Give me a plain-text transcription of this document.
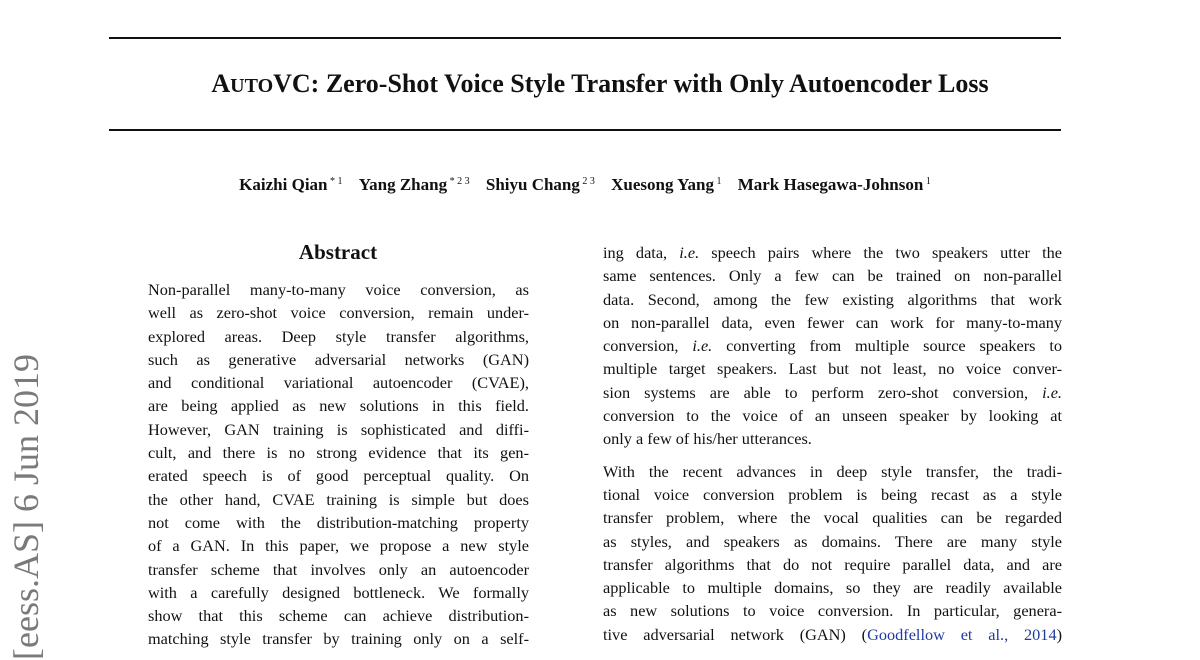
AUTOVC: Zero-Shot Voice Style Transfer with Only Autoencoder Loss
Kaizhi Qian $^{* 1}$ Yang Zhang $^{* 2 3}$ Shiyu Chang $^{2 3}$ Xuesong Yang $^1$ Mark Hasegawa-Johnson $^1$
Abstract
Non-parallel many-to-many voice conversion, as
well as zero-shot voice conversion, remain under-
explored areas. Deep style transfer algorithms,
such as generative adversarial networks (GAN)
and conditional variational autoencoder (CVAE),
are being applied as new solutions in this field.
However, GAN training is sophisticated and diffi-
cult, and there is no strong evidence that its gen-
erated speech is of good perceptual quality. On
the other hand, CVAE training is simple but does
not come with the distribution-matching property
of a GAN. In this paper, we propose a new style
transfer scheme that involves only an autoencoder
with a carefully designed bottleneck. We formally
show that this scheme can achieve distribution-
matching style transfer by training only on a self-
ing data, i.e. speech pairs where the two speakers utter the
same sentences. Only a few can be trained on non-parallel
data. Second, among the few existing algorithms that work
on non-parallel data, even fewer can work for many-to-many
conversion, i.e. converting from multiple source speakers to
multiple target speakers. Last but not least, no voice conver-
sion systems are able to perform zero-shot conversion, i.e.
conversion to the voice of an unseen speaker by looking at
only a few of his/her utterances.
With the recent advances in deep style transfer, the tradi-
tional voice conversion problem is being recast as a style
transfer problem, where the vocal qualities can be regarded
as styles, and speakers as domains. There are many style
transfer algorithms that do not require parallel data, and are
applicable to multiple domains, so they are readily available
as new solutions to voice conversion. In particular, genera-
tive adversarial network (GAN) (Goodfellow et al., 2014)
[eess.AS] 6 Jun 2019
